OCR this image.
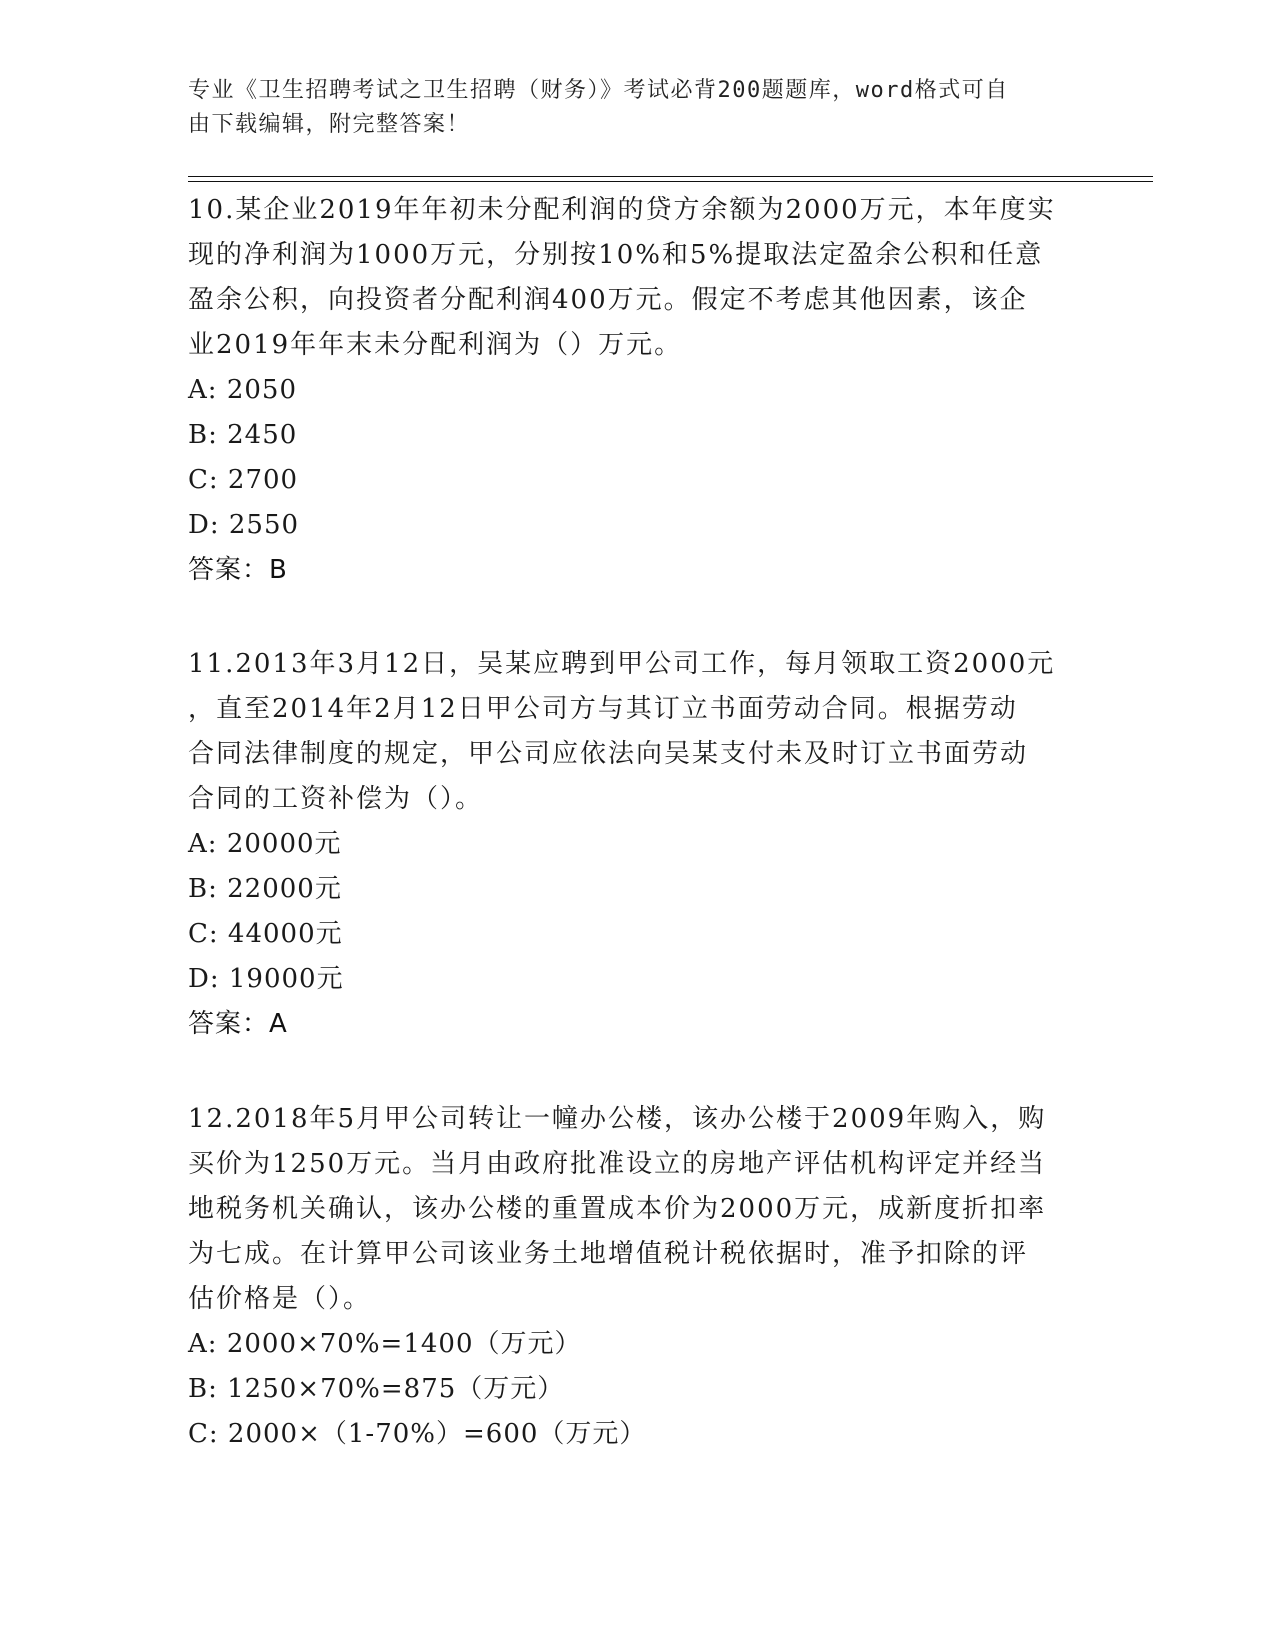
专业《卫生招聘考试之卫生招聘（财务）》考试必背200题题库，word格式可自
由下载编辑，附完整答案！

10.某企业2019年年初未分配利润的贷方余额为2000万元，本年度实

现的净利润为1000万元，分别按10%和5%提取法定盈余公积和任意

盈余公积，向投资者分配利润400万元。假定不考虑其他因素，该企

业2019年年末未分配利润为（）万元。

A: 2050

B: 2450

C: 2700

D: 2550

答案：B

11.2013年3月12日，吴某应聘到甲公司工作，每月领取工资2000元

，直至2014年2月12日甲公司方与其订立书面劳动合同。根据劳动

合同法律制度的规定，甲公司应依法向吴某支付未及时订立书面劳动

合同的工资补偿为（）。

A: 20000元

B: 22000元

C: 44000元

D: 19000元

答案：A

12.2018年5月甲公司转让一幢办公楼，该办公楼于2009年购入，购

买价为1250万元。当月由政府批准设立的房地产评估机构评定并经当

地税务机关确认，该办公楼的重置成本价为2000万元，成新度折扣率

为七成。在计算甲公司该业务土地增值税计税依据时，准予扣除的评

估价格是（）。

A: 2000×70%=1400（万元）

B: 1250×70%=875（万元）

C: 2000×（1-70%）=600（万元）
